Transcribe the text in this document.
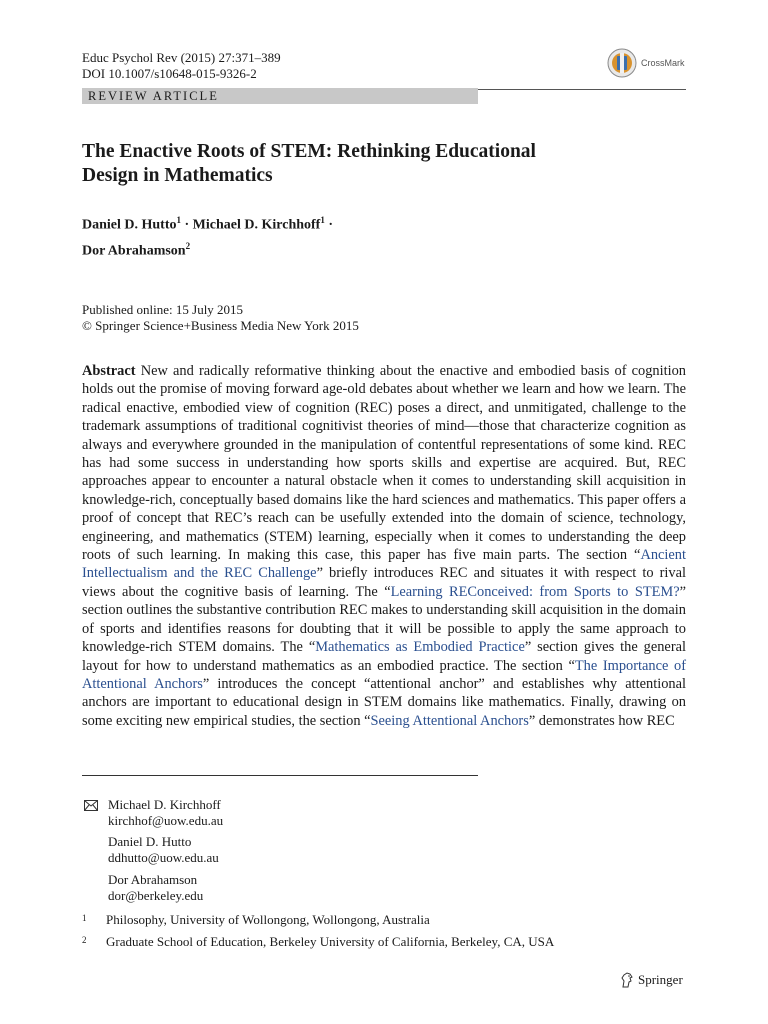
Educ Psychol Rev (2015) 27:371–389
DOI 10.1007/s10648-015-9326-2
CrossMark
REVIEW ARTICLE
The Enactive Roots of STEM: Rethinking Educational
Design in Mathematics
Daniel D. Hutto$^1$ · Michael D. Kirchhoff$^1$ ·
Dor Abrahamson$^2$
Published online: 15 July 2015
© Springer Science+Business Media New York 2015

Abstract New and radically reformative thinking about the enactive and embodied basis of cognition holds out the promise of moving forward age-old debates about whether we learn and how we learn. The radical enactive, embodied view of cognition (REC) poses a direct, and unmitigated, challenge to the trademark assumptions of traditional cognitivist theories of mind—those that characterize cognition as always and everywhere grounded in the manipulation of contentful representations of some kind. REC has had some success in understanding how sports skills and expertise are acquired. But, REC approaches appear to encounter a natural obstacle when it comes to understanding skill acquisition in knowledge-rich, conceptually based domains like the hard sciences and mathematics. This paper offers a proof of concept that REC’s reach can be usefully extended into the domain of science, technology, engineering, and mathematics (STEM) learning, especially when it comes to understanding the deep roots of such learning. In making this case, this paper has five main parts. The section “Ancient Intellectualism and the REC Challenge” briefly introduces REC and situates it with respect to rival views about the cognitive basis of learning. The “Learning REConceived: from Sports to STEM?” section outlines the substantive contribution REC makes to understanding skill acquisition in the domain of sports and identifies reasons for doubting that it will be possible to apply the same approach to knowledge-rich STEM domains. The “Mathematics as Embodied Practice” section gives the general layout for how to understand mathematics as an embodied practice. The section “The Importance of Attentional Anchors” introduces the concept “attentional anchor” and establishes why attentional anchors are important to educational design in STEM domains like mathematics. Finally, drawing on some exciting new empirical studies, the section “Seeing Attentional Anchors” demonstrates how REC

Michael D. Kirchhoff
kirchhof@uow.edu.au
Daniel D. Hutto
ddhutto@uow.edu.au
Dor Abrahamson
dor@berkeley.edu
1 Philosophy, University of Wollongong, Wollongong, Australia
2 Graduate School of Education, Berkeley University of California, Berkeley, CA, USA
Springer
